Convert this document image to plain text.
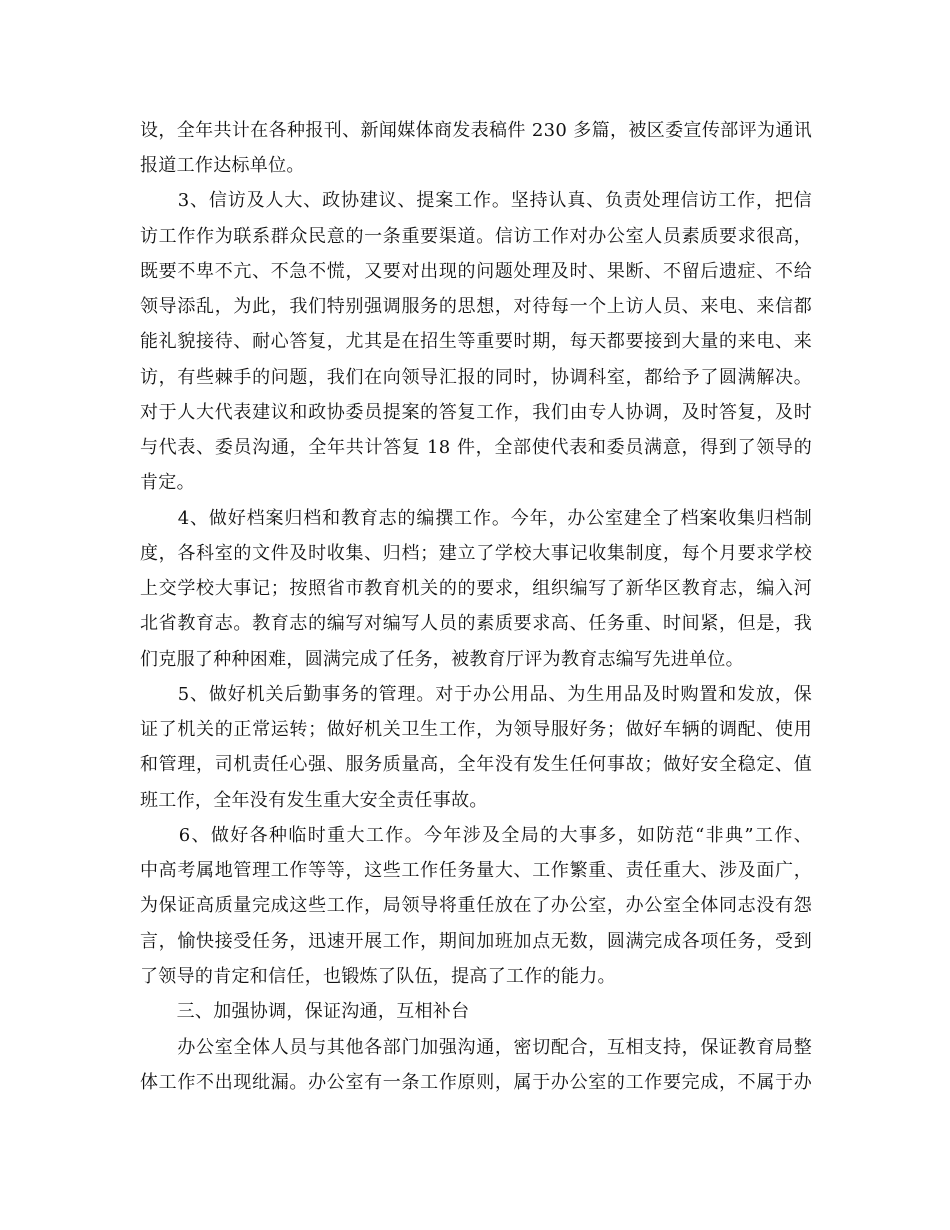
设，全年共计在各种报刊、新闻媒体商发表稿件 230 多篇，被区委宣传部评为通讯
报道工作达标单位。
　　3、信访及人大、政协建议、提案工作。坚持认真、负责处理信访工作，把信
访工作作为联系群众民意的一条重要渠道。信访工作对办公室人员素质要求很高，
既要不卑不亢、不急不慌，又要对出现的问题处理及时、果断、不留后遗症、不给
领导添乱，为此，我们特别强调服务的思想，对待每一个上访人员、来电、来信都
能礼貌接待、耐心答复，尤其是在招生等重要时期，每天都要接到大量的来电、来
访，有些棘手的问题，我们在向领导汇报的同时，协调科室，都给予了圆满解决。
对于人大代表建议和政协委员提案的答复工作，我们由专人协调，及时答复，及时
与代表、委员沟通，全年共计答复 18 件，全部使代表和委员满意，得到了领导的
肯定。
　　4、做好档案归档和教育志的编撰工作。今年，办公室建全了档案收集归档制
度，各科室的文件及时收集、归档；建立了学校大事记收集制度，每个月要求学校
上交学校大事记；按照省市教育机关的的要求，组织编写了新华区教育志，编入河
北省教育志。教育志的编写对编写人员的素质要求高、任务重、时间紧，但是，我
们克服了种种困难，圆满完成了任务，被教育厅评为教育志编写先进单位。
　　5、做好机关后勤事务的管理。对于办公用品、为生用品及时购置和发放，保
证了机关的正常运转；做好机关卫生工作，为领导服好务；做好车辆的调配、使用
和管理，司机责任心强、服务质量高，全年没有发生任何事故；做好安全稳定、值
班工作，全年没有发生重大安全责任事故。
　　6、做好各种临时重大工作。今年涉及全局的大事多，如防范“非典”工作、
中高考属地管理工作等等，这些工作任务量大、工作繁重、责任重大、涉及面广，
为保证高质量完成这些工作，局领导将重任放在了办公室，办公室全体同志没有怨
言，愉快接受任务，迅速开展工作，期间加班加点无数，圆满完成各项任务，受到
了领导的肯定和信任，也锻炼了队伍，提高了工作的能力。
　　三、加强协调，保证沟通，互相补台
　　办公室全体人员与其他各部门加强沟通，密切配合，互相支持，保证教育局整
体工作不出现纰漏。办公室有一条工作原则，属于办公室的工作要完成，不属于办
